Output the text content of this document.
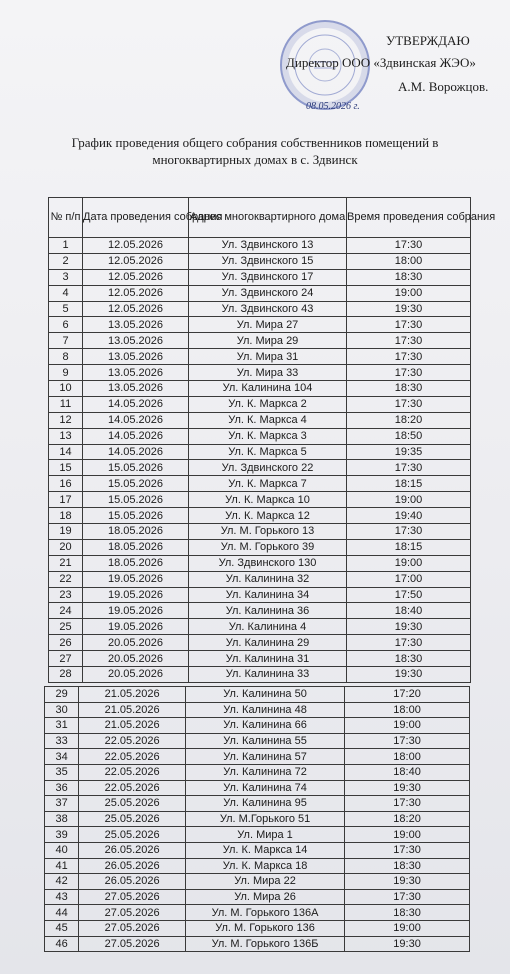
УТВЕРЖДАЮ
Директор ООО «Здвинская ЖЭО»
А.М. Ворожцов.
08.05.2026 г.
График проведения общего собрания собственников помещений в многоквартирных домах в с. Здвинск
№ п/п	Дата проведения собрания	Адрес многоквартирного дома	Время проведения собрания
1	12.05.2026	Ул. Здвинского 13	17:30
2	12.05.2026	Ул. Здвинского 15	18:00
3	12.05.2026	Ул. Здвинского 17	18:30
4	12.05.2026	Ул. Здвинского 24	19:00
5	12.05.2026	Ул. Здвинского 43	19:30
6	13.05.2026	Ул. Мира 27	17:30
7	13.05.2026	Ул. Мира 29	17:30
8	13.05.2026	Ул. Мира 31	17:30
9	13.05.2026	Ул. Мира 33	17:30
10	13.05.2026	Ул. Калинина 104	18:30
11	14.05.2026	Ул. К. Маркса 2	17:30
12	14.05.2026	Ул. К. Маркса 4	18:20
13	14.05.2026	Ул. К. Маркса 3	18:50
14	14.05.2026	Ул. К. Маркса 5	19:35
15	15.05.2026	Ул. Здвинского 22	17:30
16	15.05.2026	Ул. К. Маркса 7	18:15
17	15.05.2026	Ул. К. Маркса 10	19:00
18	15.05.2026	Ул. К. Маркса 12	19:40
19	18.05.2026	Ул. М. Горького 13	17:30
20	18.05.2026	Ул. М. Горького 39	18:15
21	18.05.2026	Ул. Здвинского 130	19:00
22	19.05.2026	Ул. Калинина 32	17:00
23	19.05.2026	Ул. Калинина 34	17:50
24	19.05.2026	Ул. Калинина 36	18:40
25	19.05.2026	Ул. Калинина 4	19:30
26	20.05.2026	Ул. Калинина 29	17:30
27	20.05.2026	Ул. Калинина 31	18:30
28	20.05.2026	Ул. Калинина 33	19:30
29	21.05.2026	Ул. Калинина 50	17:20
30	21.05.2026	Ул. Калинина 48	18:00
31	21.05.2026	Ул. Калинина 66	19:00
33	22.05.2026	Ул. Калинина 55	17:30
34	22.05.2026	Ул. Калинина 57	18:00
35	22.05.2026	Ул. Калинина 72	18:40
36	22.05.2026	Ул. Калинина 74	19:30
37	25.05.2026	Ул. Калинина 95	17:30
38	25.05.2026	Ул. М.Горького 51	18:20
39	25.05.2026	Ул. Мира 1	19:00
40	26.05.2026	Ул. К. Маркса 14	17:30
41	26.05.2026	Ул. К. Маркса 18	18:30
42	26.05.2026	Ул. Мира 22	19:30
43	27.05.2026	Ул. Мира 26	17:30
44	27.05.2026	Ул. М. Горького 136А	18:30
45	27.05.2026	Ул. М. Горького 136	19:00
46	27.05.2026	Ул. М. Горького 136Б	19:30
